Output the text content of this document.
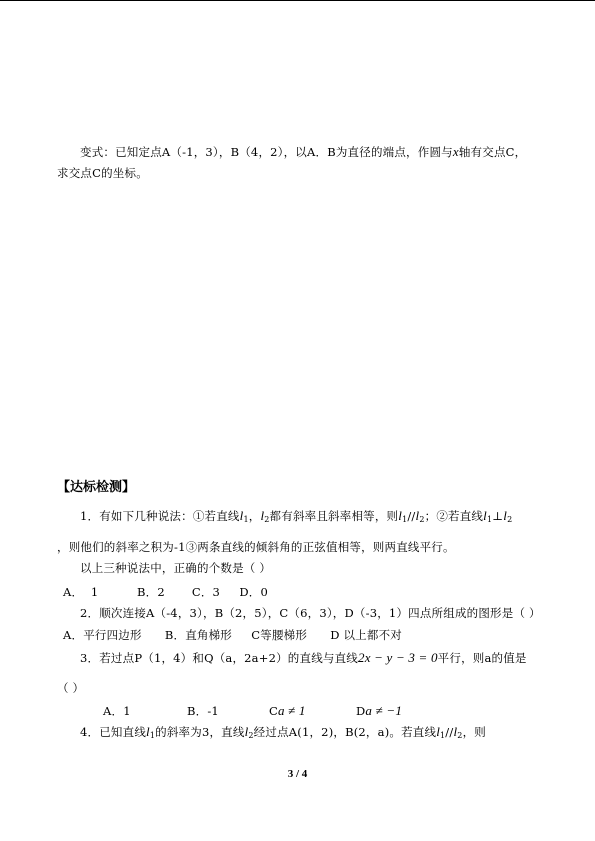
变式：已知定点A（-1，3），B（4，2），以A．B为直径的端点，作圆与x轴有交点C，
求交点C的坐标。
【达标检测】
1．有如下几种说法：①若直线$l_1$，$l_2$都有斜率且斜率相等，则$l_1//l_2$；②若直线$l_1\perp l_2$
，则他们的斜率之积为-1③两条直线的倾斜角的正弦值相等，则两直线平行。
以上三种说法中，正确的个数是（ ）
A．  1          B．2       C．3     D．0
2．顺次连接A（-4，3），B（2，5），C（6，3），D（-3，1）四点所组成的图形是（ ）
A．平行四边形      B．直角梯形     C等腰梯形      D 以上都不对
3．若过点P（1，4）和Q（a，2a+2）的直线与直线2x − y − 3 = 0平行，则a的值是
（ ）
A．1	B．-1	Ca ≠ 1	Da ≠ −1
4．已知直线$l_1$的斜率为3，直线$l_2$经过点A(1，2)，B(2，a)。若直线$l_1//l_2$，则
3 / 4
